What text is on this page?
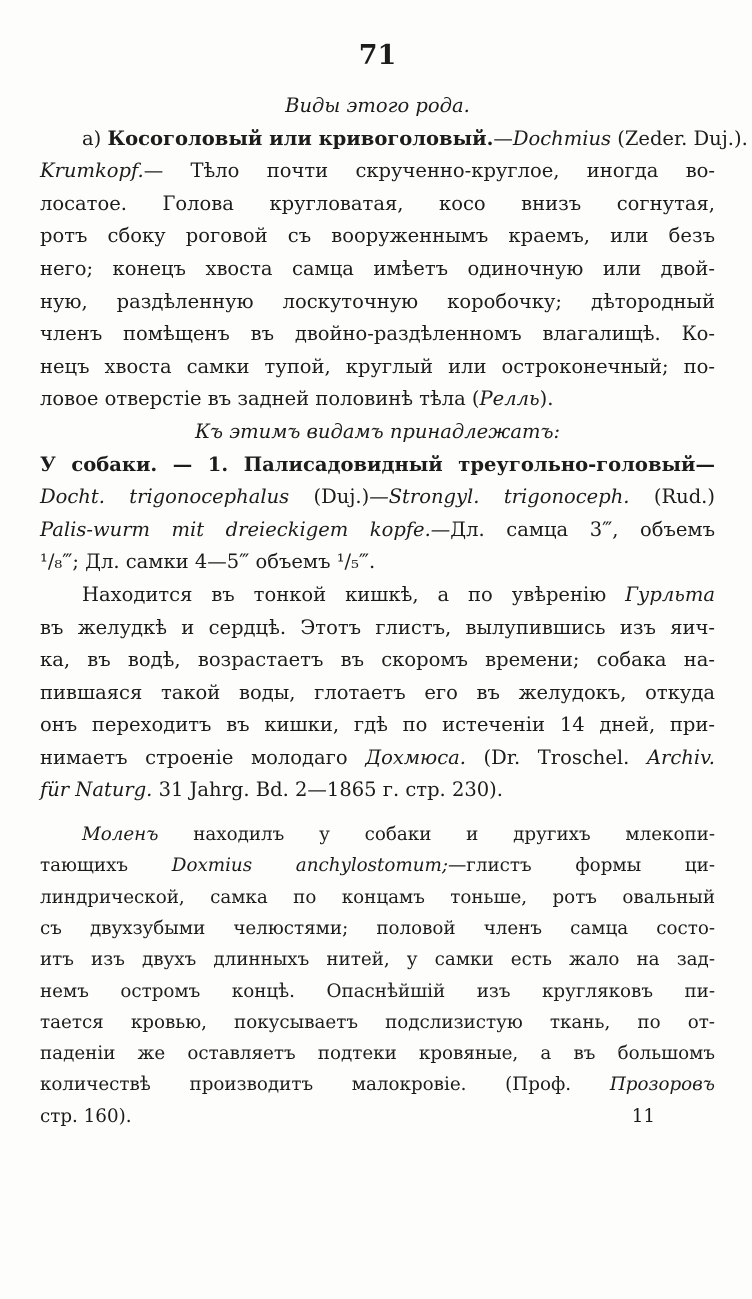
71
Виды этого рода.
а) Косоголовый или кривоголовый.—Dochmius (Zeder. Duj.).
Krumkopf.— Тѣло почти скрученно-круглое, иногда во-
лосатое. Голова кругловатая, косо внизъ согнутая,
ротъ сбоку роговой съ вооруженнымъ краемъ, или безъ
него; конецъ хвоста самца имѣетъ одиночную или двой-
ную, раздѣленную лоскуточную коробочку; дѣтородный
членъ помѣщенъ въ двойно-раздѣленномъ влагалищѣ. Ко-
нецъ хвоста самки тупой, круглый или остроконечный; по-
ловое отверстіе въ задней половинѣ тѣла (Релль).
Къ этимъ видамъ принадлежатъ:
У собаки. — 1. Палисадовидный треугольно-головый—
Docht. trigonocephalus (Duj.)—Strongyl. trigonoceph. (Rud.)
Palis-wurm mit dreieckigem kopfe.—Дл. самца 3‴, объемъ
¹/₈‴; Дл. самки 4—5‴ объемъ ¹/₅‴.
Находится въ тонкой кишкѣ, а по увѣренію Гурльта
въ желудкѣ и сердцѣ. Этотъ глистъ, вылупившись изъ яич-
ка, въ водѣ, возрастаетъ въ скоромъ времени; собака на-
пившаяся такой воды, глотаетъ его въ желудокъ, откуда
онъ переходитъ въ кишки, гдѣ по истеченіи 14 дней, при-
нимаетъ строеніе молодаго Дохмюса. (Dr. Troschel. Archiv.
für Naturg. 31 Jahrg. Bd. 2—1865 г. стр. 230).
Моленъ находилъ у собаки и другихъ млекопи-
тающихъ Doxmius anchylostomum;—глистъ формы ци-
линдрической, самка по концамъ тоньше, ротъ овальный
съ двухзубыми челюстями; половой членъ самца состо-
итъ изъ двухъ длинныхъ нитей, у самки есть жало на зад-
немъ остромъ концѣ. Опаснѣйшій изъ кругляковъ пи-
тается кровью, покусываетъ подслизистую ткань, по от-
паденіи же оставляетъ подтеки кровяные, а въ большомъ
количествѣ производитъ малокровіе. (Проф. Прозоровъ
стр. 160).	11
